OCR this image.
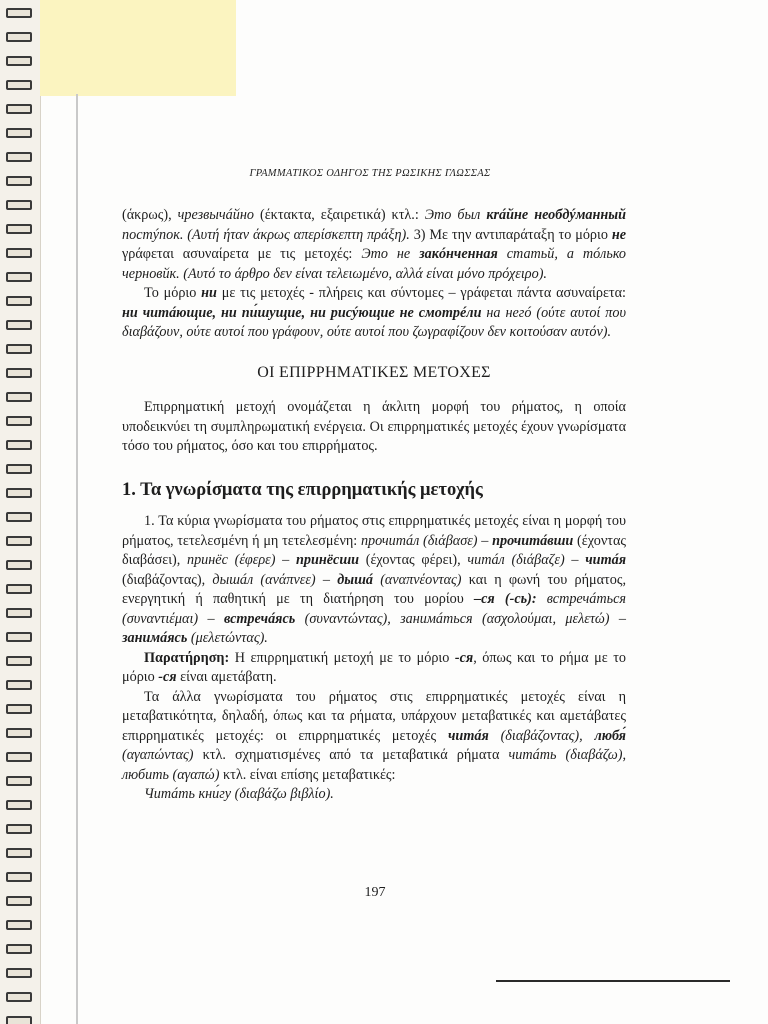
ΓΡΑΜΜΑΤΙΚΟΣ ΟΔΗΓΟΣ ΤΗΣ ΡΩΣΙΚΗΣ ΓΛΩΣΣΑΣ

(άκρως), чрезвычáйно (έκτακτα, εξαιρετικά) κτλ.: Этo был кráйне необдýманный постýпок. (Αυτή ήταν άκρως απερίσκεπτη πράξη). 3) Με την αντιπαράταξη το μόριο не γράφεται ασυναίρετα με τις μετοχές: Это не закóнченная статьй, а тóлько черновйк. (Αυτό το άρθρο δεν είναι τελειωμένο, αλλά είναι μόνο πρόχειρο).

Το μόριο ни με τις μετοχές - πλήρεις και σύντομες – γράφεται πάντα ασυναίρετα: ни читáющие, ни пи́шущие, ни рисýющие не смотрéли на негó (ούτε αυτοί που διαβάζουν, ούτε αυτοί που γράφουν, ούτε αυτοί που ζωγραφίζουν δεν κοιτούσαν αυτόν).

ΟΙ ΕΠΙΡΡΗΜΑΤΙΚΕΣ ΜΕΤΟΧΕΣ

Επιρρηματική μετοχή ονομάζεται η άκλιτη μορφή του ρήματος, η οποία υποδεικνύει τη συμπληρωματική ενέργεια. Οι επιρρηματικές μετοχές έχουν γνωρίσματα τόσο του ρήματος, όσο και του επιρρήματος.

1. Τα γνωρίσματα της επιρρηματικής μετοχής

1. Τα κύρια γνωρίσματα του ρήματος στις επιρρηματικές μετοχές είναι η μορφή του ρήματος, τετελεσμένη ή μη τετελεσμένη: прочитáл (διάβασε) – прочитáвши (έχοντας διαβάσει), принёс (έφερε) – принёсши (έχοντας φέρει), читáл (διάβαζε) – читáя (διαβάζοντας), дышáл (ανάπνεε) – дышá (αναπνέοντας) και η φωνή του ρήματος, ενεργητική ή παθητική με τη διατήρηση του μορίου –ся (-сь): встречáться (συναντιέμαι) – встречáясь (συναντώντας), занимáться (ασχολούμαι, μελετώ) – занимáясь (μελετώντας).

Παρατήρηση: Η επιρρηματική μετοχή με το μόριο -ся, όπως και το ρήμα με το μόριο -ся είναι αμετάβατη.

Τα άλλα γνωρίσματα του ρήματος στις επιρρηματικές μετοχές είναι η μεταβατικότητα, δηλαδή, όπως και τα ρήματα, υπάρχουν μεταβατικές και αμετάβατες επιρρηματικές μετοχές: οι επιρρηματικές μετοχές читáя (διαβάζοντας), любя́ (αγαπώντας) κτλ. σχηματισμένες από τα μεταβατικά ρήματα читáть (διαβάζω), любить (αγαπώ) κτλ. είναι επίσης μεταβατικές:

Читáть кни́гу (διαβάζω βιβλίο).

197
